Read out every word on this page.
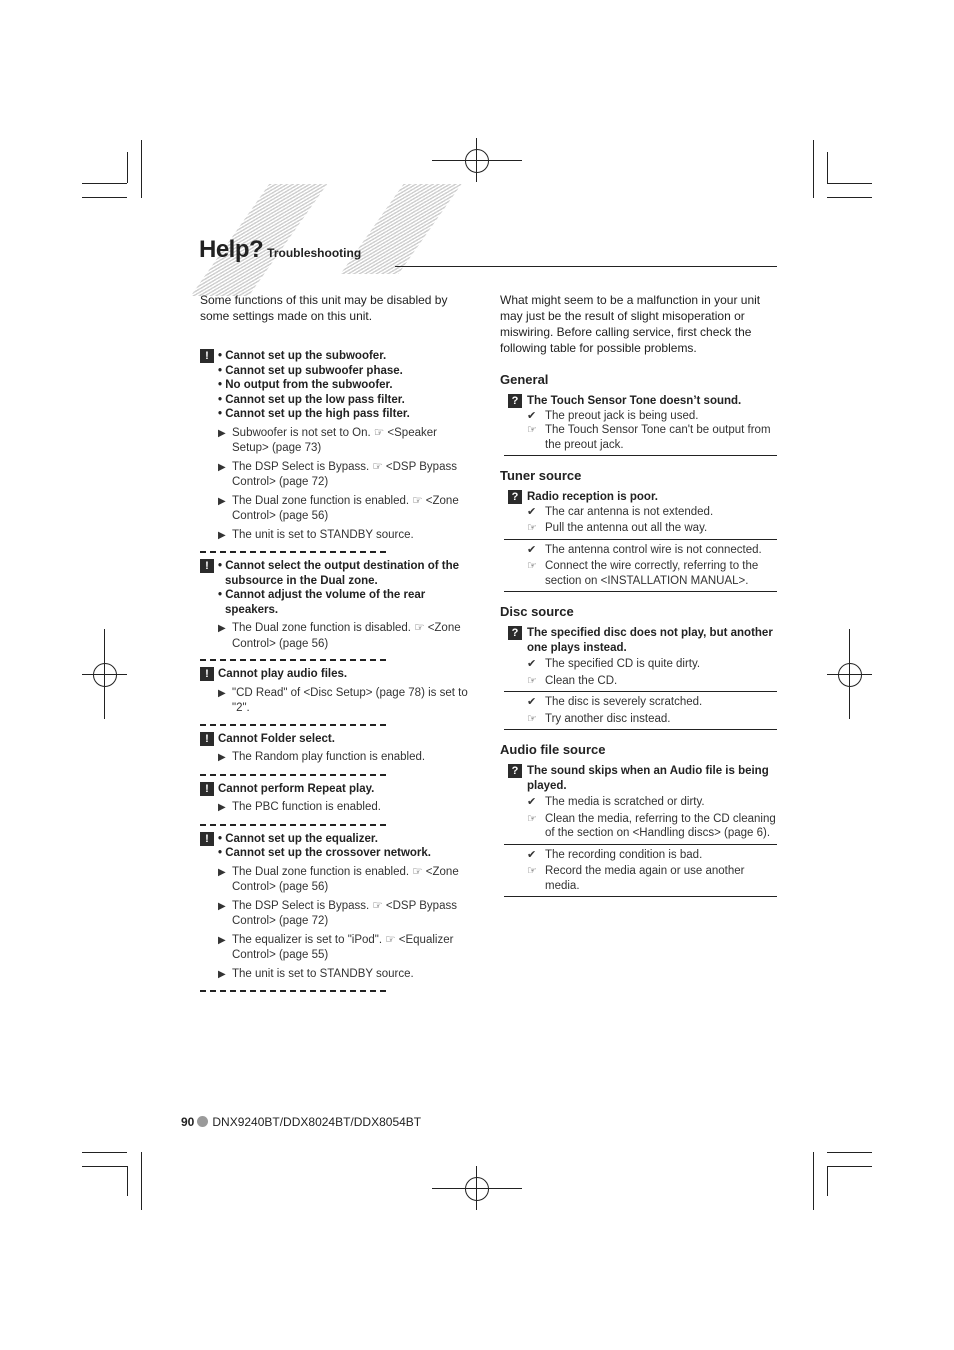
Help? Troubleshooting

Some functions of this unit may be disabled by some settings made on this unit.

! • Cannot set up the subwoofer.
• Cannot set up subwoofer phase.
• No output from the subwoofer.
• Cannot set up the low pass filter.
• Cannot set up the high pass filter.
▶ Subwoofer is not set to On. ☞ <Speaker Setup> (page 73)
▶ The DSP Select is Bypass. ☞ <DSP Bypass Control> (page 72)
▶ The Dual zone function is enabled. ☞ <Zone Control> (page 56)
▶ The unit is set to STANDBY source.
! • Cannot select the output destination of the subsource in the Dual zone.
• Cannot adjust the volume of the rear speakers.
▶ The Dual zone function is disabled. ☞ <Zone Control> (page 56)
! Cannot play audio files.
▶ "CD Read" of <Disc Setup> (page 78) is set to "2".
! Cannot Folder select.
▶ The Random play function is enabled.
! Cannot perform Repeat play.
▶ The PBC function is enabled.
! • Cannot set up the equalizer.
• Cannot set up the crossover network.
▶ The Dual zone function is enabled. ☞ <Zone Control> (page 56)
▶ The DSP Select is Bypass. ☞ <DSP Bypass Control> (page 72)
▶ The equalizer is set to "iPod". ☞ <Equalizer Control> (page 55)
▶ The unit is set to STANDBY source.

What might seem to be a malfunction in your unit may just be the result of slight misoperation or miswiring. Before calling service, first check the following table for possible problems.

General
? The Touch Sensor Tone doesn’t sound.
✔ The preout jack is being used.
☞ The Touch Sensor Tone can't be output from the preout jack.
Tuner source
? Radio reception is poor.
✔ The car antenna is not extended.
☞ Pull the antenna out all the way.
✔ The antenna control wire is not connected.
☞ Connect the wire correctly, referring to the section on <INSTALLATION MANUAL>.
Disc source
? The specified disc does not play, but another one plays instead.
✔ The specified CD is quite dirty.
☞ Clean the CD.
✔ The disc is severely scratched.
☞ Try another disc instead.
Audio file source
? The sound skips when an Audio file is being played.
✔ The media is scratched or dirty.
☞ Clean the media, referring to the CD cleaning of the section on <Handling discs> (page 6).
✔ The recording condition is bad.
☞ Record the media again or use another media.
90 DNX9240BT/DDX8024BT/DDX8054BT
